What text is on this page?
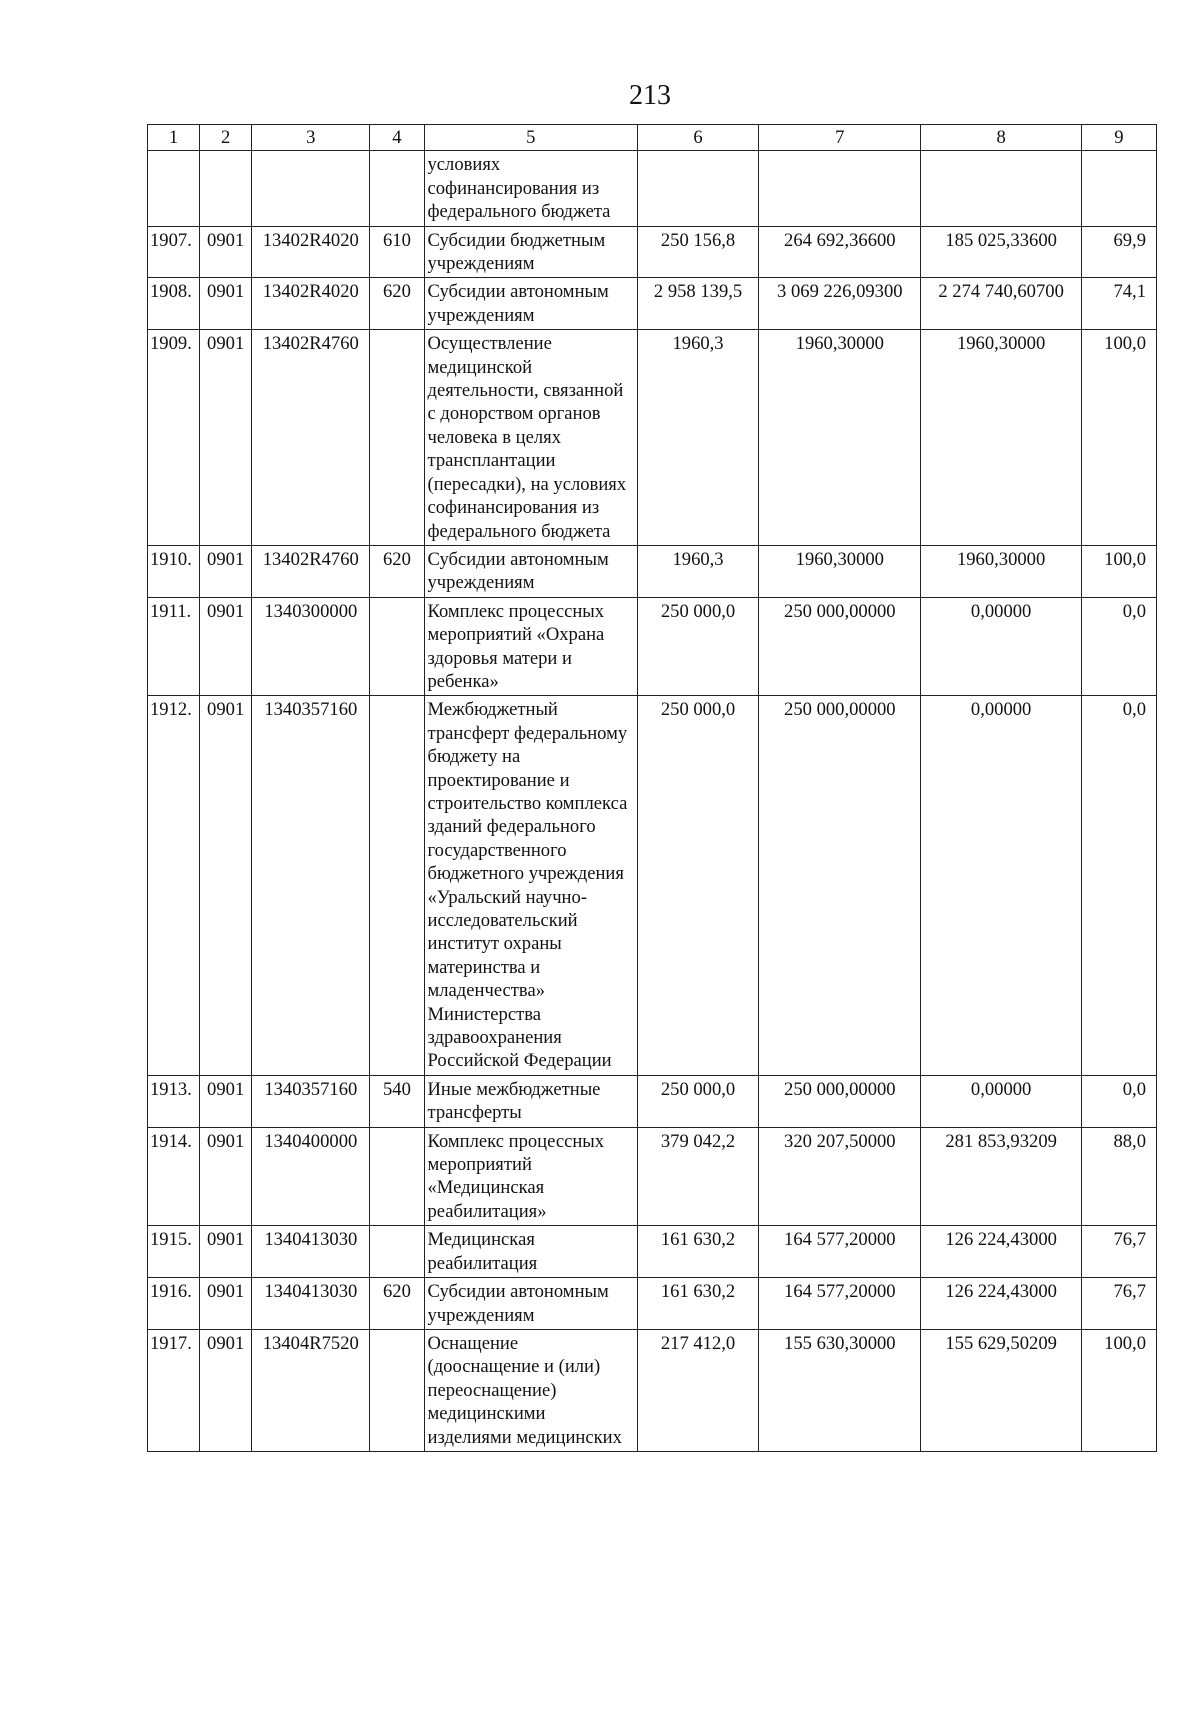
213
1	2	3	4	5	6	7	8	9
				условиях софинансирования из федерального бюджета				
1907.	0901	13402R4020	610	Субсидии бюджетным учреждениям	250 156,8	264 692,36600	185 025,33600	69,9
1908.	0901	13402R4020	620	Субсидии автономным учреждениям	2 958 139,5	3 069 226,09300	2 274 740,60700	74,1
1909.	0901	13402R4760		Осуществление медицинской деятельности, связанной с донорством органов человека в целях трансплантации (пересадки), на условиях софинансирования из федерального бюджета	1960,3	1960,30000	1960,30000	100,0
1910.	0901	13402R4760	620	Субсидии автономным учреждениям	1960,3	1960,30000	1960,30000	100,0
1911.	0901	1340300000		Комплекс процессных мероприятий «Охрана здоровья матери и ребенка»	250 000,0	250 000,00000	0,00000	0,0
1912.	0901	1340357160		Межбюджетный трансферт федеральному бюджету на проектирование и строительство комплекса зданий федерального государственного бюджетного учреждения «Уральский научно-исследовательский институт охраны материнства и младенчества» Министерства здравоохранения Российской Федерации	250 000,0	250 000,00000	0,00000	0,0
1913.	0901	1340357160	540	Иные межбюджетные трансферты	250 000,0	250 000,00000	0,00000	0,0
1914.	0901	1340400000		Комплекс процессных мероприятий «Медицинская реабилитация»	379 042,2	320 207,50000	281 853,93209	88,0
1915.	0901	1340413030		Медицинская реабилитация	161 630,2	164 577,20000	126 224,43000	76,7
1916.	0901	1340413030	620	Субсидии автономным учреждениям	161 630,2	164 577,20000	126 224,43000	76,7
1917.	0901	13404R7520		Оснащение (дооснащение и (или) переоснащение) медицинскими изделиями медицинских	217 412,0	155 630,30000	155 629,50209	100,0
